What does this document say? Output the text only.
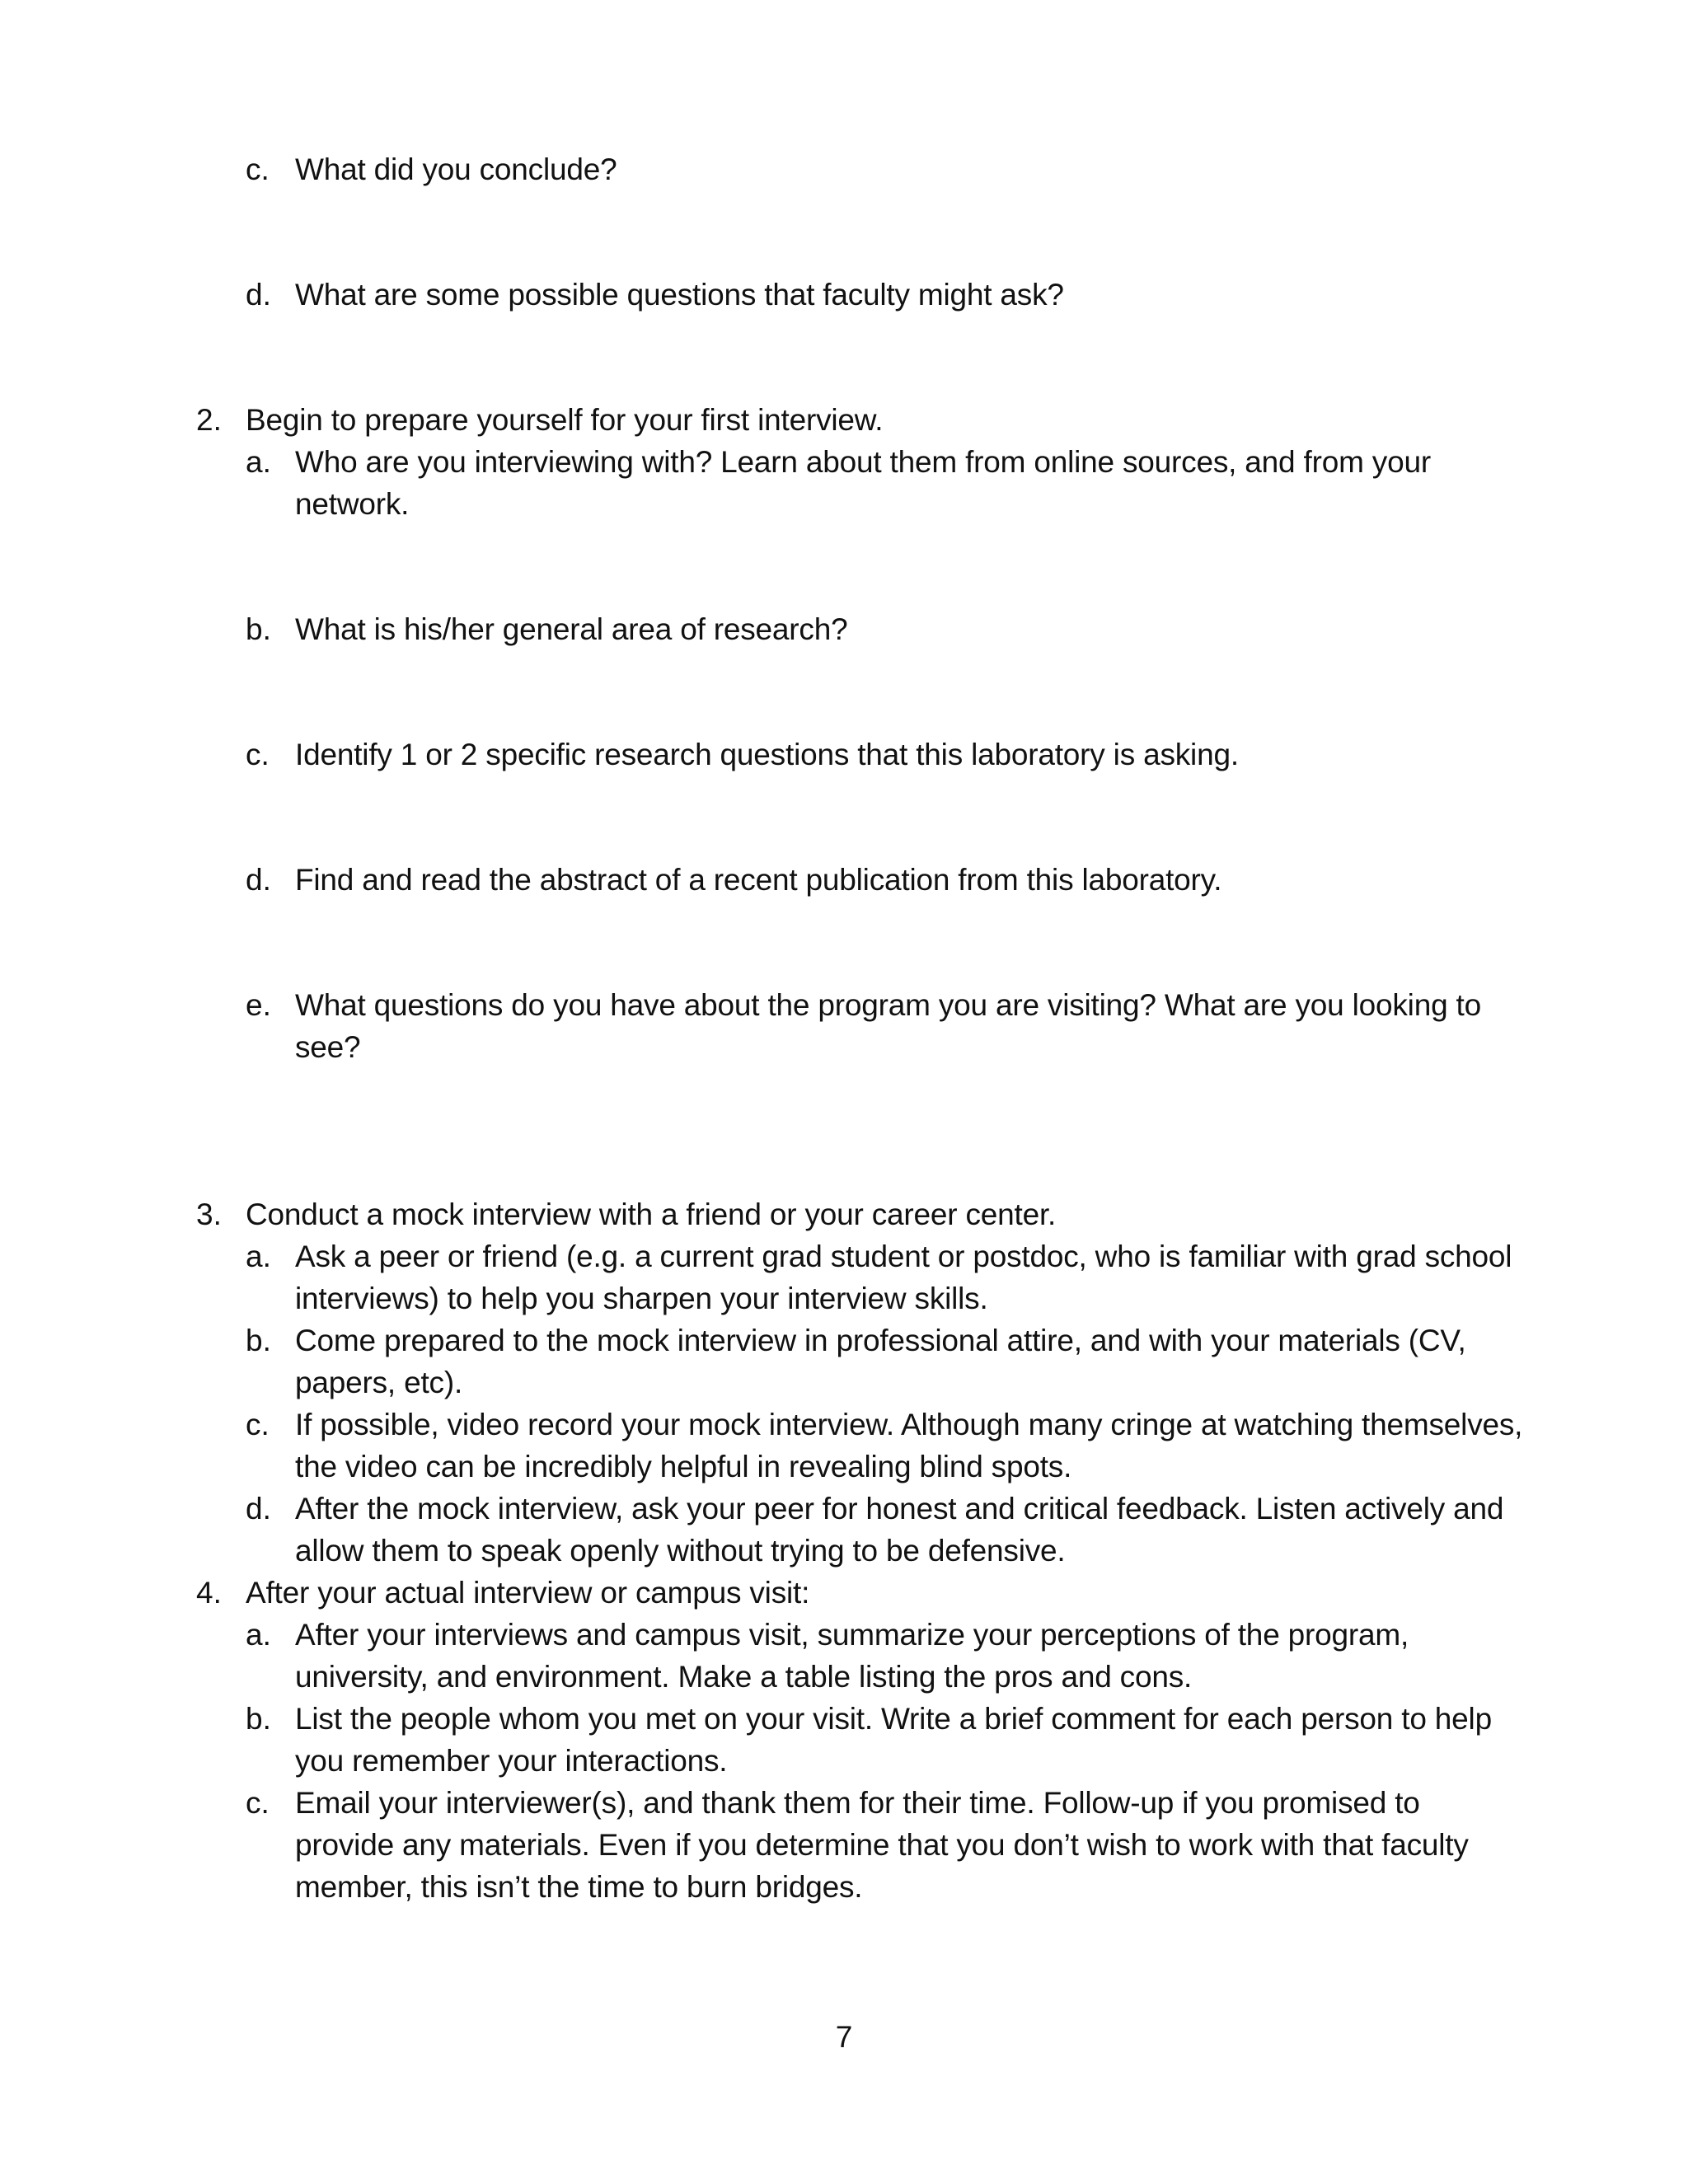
c. What did you conclude?
d. What are some possible questions that faculty might ask?
2. Begin to prepare yourself for your first interview.
a. Who are you interviewing with? Learn about them from online sources, and from your
network.
b. What is his/her general area of research?
c. Identify 1 or 2 specific research questions that this laboratory is asking.
d. Find and read the abstract of a recent publication from this laboratory.
e. What questions do you have about the program you are visiting? What are you looking to
see?
3. Conduct a mock interview with a friend or your career center.
a. Ask a peer or friend (e.g. a current grad student or postdoc, who is familiar with grad school
interviews) to help you sharpen your interview skills.
b. Come prepared to the mock interview in professional attire, and with your materials (CV,
papers, etc).
c. If possible, video record your mock interview. Although many cringe at watching themselves,
the video can be incredibly helpful in revealing blind spots.
d. After the mock interview, ask your peer for honest and critical feedback. Listen actively and
allow them to speak openly without trying to be defensive.
4. After your actual interview or campus visit:
a. After your interviews and campus visit, summarize your perceptions of the program,
university, and environment. Make a table listing the pros and cons.
b. List the people whom you met on your visit. Write a brief comment for each person to help
you remember your interactions.
c. Email your interviewer(s), and thank them for their time. Follow-up if you promised to
provide any materials. Even if you determine that you don’t wish to work with that faculty
member, this isn’t the time to burn bridges.
7
